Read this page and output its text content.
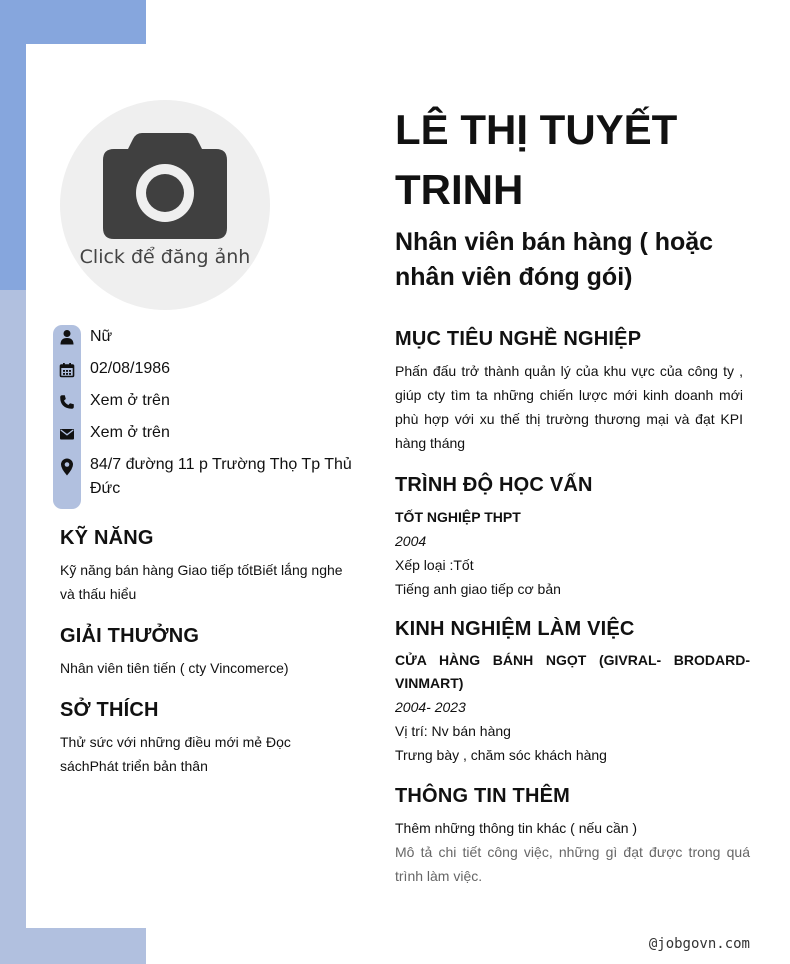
Click để đăng ảnh
Nữ
02/08/1986
Xem ở trên
Xem ở trên
84/7 đường 11 p Trường Thọ Tp Thủ Đức
KỸ NĂNG
Kỹ năng bán hàng Giao tiếp tốtBiết lắng nghe và thấu hiểu
GIẢI THƯỞNG
Nhân viên tiên tiến ( cty Vincomerce)
SỞ THÍCH
Thử sức với những điều mới mẻ Đọc sáchPhát triển bản thân
LÊ THỊ TUYẾT TRINH
Nhân viên bán hàng ( hoặc nhân viên đóng gói)
MỤC TIÊU NGHỀ NGHIỆP
Phấn đấu trở thành quản lý của khu vực của công ty , giúp cty tìm ta những chiến lược mới kinh doanh mới phù hợp với xu thế thị trường thương mại và đạt KPI hàng tháng
TRÌNH ĐỘ HỌC VẤN
TỐT NGHIỆP THPT
2004
Xếp loại :Tốt
Tiếng anh giao tiếp cơ bản
KINH NGHIỆM LÀM VIỆC
CỬA HÀNG BÁNH NGỌT (GIVRAL- BRODARD- VINMART)
2004- 2023
Vị trí: Nv bán hàng
Trưng bày , chăm sóc khách hàng
THÔNG TIN THÊM
Thêm những thông tin khác ( nếu cần )
Mô tả chi tiết công việc, những gì đạt được trong quá trình làm việc.
@jobgovn.com
